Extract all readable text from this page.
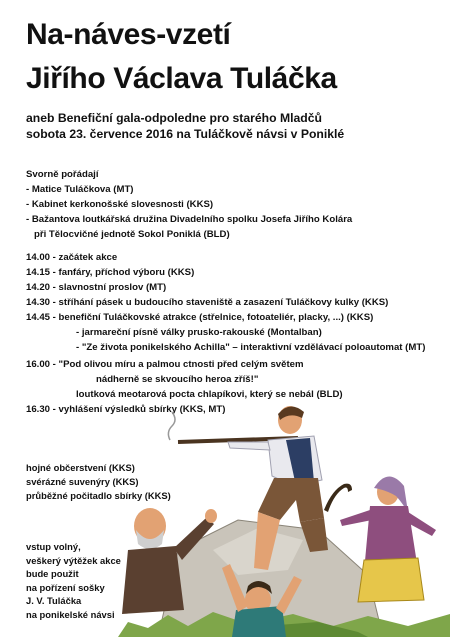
Na-náves-vzetí
Jiřího Václava Tuláčka
aneb Benefiční gala-odpoledne pro starého Mladčů
sobota 23. července 2016 na Tuláčkově návsi v Poniklé
Svorně pořádají
- Matice Tuláčkova (MT)
- Kabinet kerkonošské slovesnosti (KKS)
- Bažantova loutkářská družina Divadelního spolku Josefa Jiřího Kolára
při Tělocvičné jednotě Sokol Poniklá (BLD)
14.00 - začátek akce
14.15 - fanfáry, příchod výboru (KKS)
14.20 - slavnostní proslov (MT)
14.30 - stříhání pásek u budoucího staveniště a zasazení Tuláčkovy kulky (KKS)
14.45 - benefiční Tuláčkovské atrakce (střelnice, fotoateliér, placky, ...) (KKS)
- jarmareční písně války prusko-rakouské (Montalban)
- "Ze života ponikelského Achilla" – interaktivní vzdělávací poloautomat (MT)
16.00 - "Pod olivou míru a palmou ctnosti před celým světem
nádherně se skvoucího heroa zříš!"
loutková meotarová pocta chlapíkovi, který se nebál (BLD)
16.30 - vyhlášení výsledků sbírky (KKS, MT)
hojné občerstvení (KKS)
svérázné suvenýry (KKS)
průběžné počitadlo sbírky (KKS)
vstup volný,
veškerý výtěžek akce
bude použit
na pořízení sošky
J. V. Tuláčka
na ponikelské návsi
